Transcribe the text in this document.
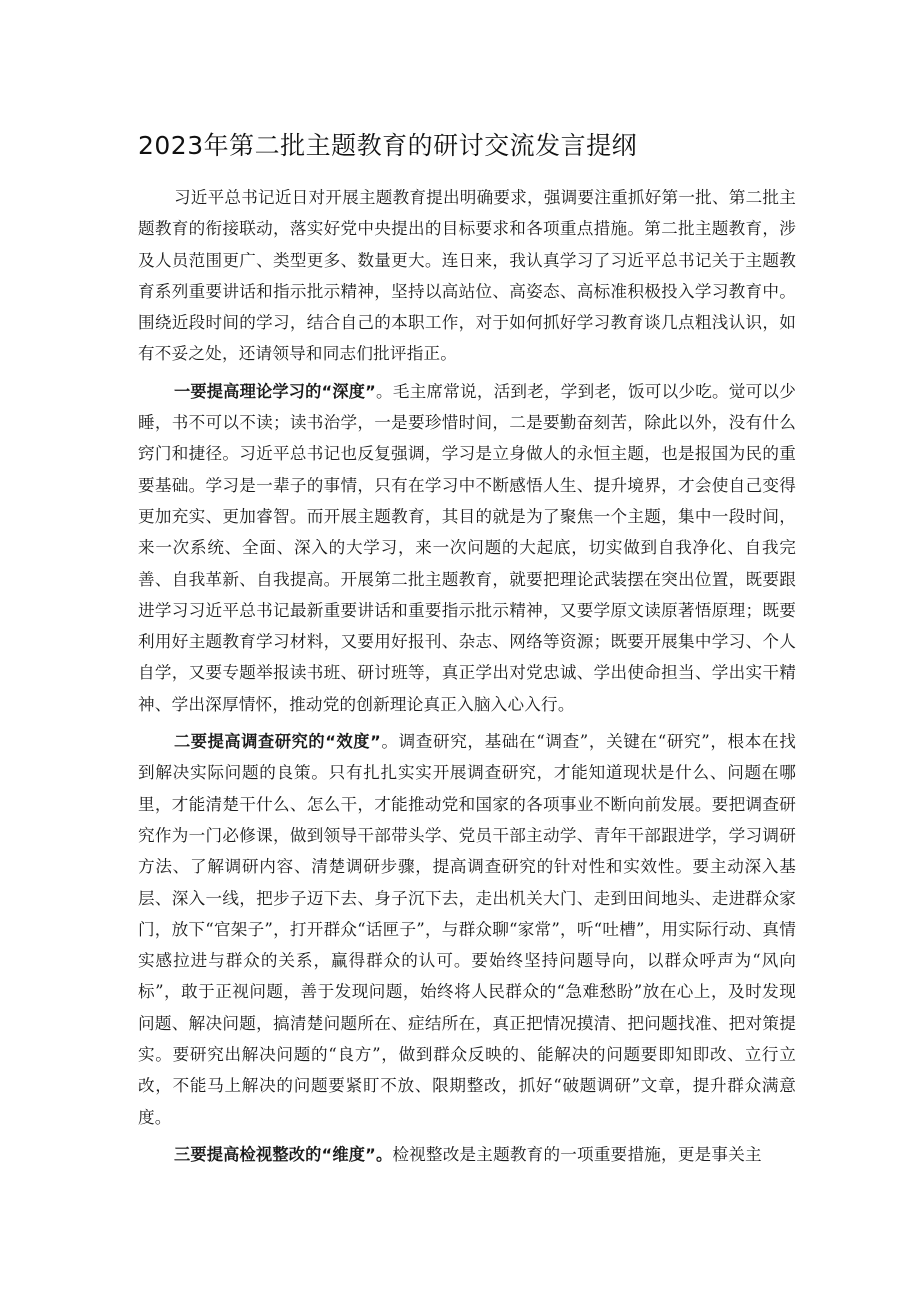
2023年第二批主题教育的研讨交流发言提纲

习近平总书记近日对开展主题教育提出明确要求，强调要注重抓好第一批、第二批主题教育的衔接联动，落实好党中央提出的目标要求和各项重点措施。第二批主题教育，涉及人员范围更广、类型更多、数量更大。连日来，我认真学习了习近平总书记关于主题教育系列重要讲话和指示批示精神，坚持以高站位、高姿态、高标准积极投入学习教育中。围绕近段时间的学习，结合自己的本职工作，对于如何抓好学习教育谈几点粗浅认识，如有不妥之处，还请领导和同志们批评指正。

一要提高理论学习的“深度”。毛主席常说，活到老，学到老，饭可以少吃。觉可以少睡，书不可以不读；读书治学，一是要珍惜时间，二是要勤奋刻苦，除此以外，没有什么窍门和捷径。习近平总书记也反复强调，学习是立身做人的永恒主题，也是报国为民的重要基础。学习是一辈子的事情，只有在学习中不断感悟人生、提升境界，才会使自己变得更加充实、更加睿智。而开展主题教育，其目的就是为了聚焦一个主题，集中一段时间，来一次系统、全面、深入的大学习，来一次问题的大起底，切实做到自我净化、自我完善、自我革新、自我提高。开展第二批主题教育，就要把理论武装摆在突出位置，既要跟进学习习近平总书记最新重要讲话和重要指示批示精神，又要学原文读原著悟原理；既要利用好主题教育学习材料，又要用好报刊、杂志、网络等资源；既要开展集中学习、个人自学，又要专题举报读书班、研讨班等，真正学出对党忠诚、学出使命担当、学出实干精神、学出深厚情怀，推动党的创新理论真正入脑入心入行。

二要提高调查研究的“效度”。调查研究，基础在“调查”，关键在“研究”，根本在找到解决实际问题的良策。只有扎扎实实开展调查研究，才能知道现状是什么、问题在哪里，才能清楚干什么、怎么干，才能推动党和国家的各项事业不断向前发展。要把调查研究作为一门必修课，做到领导干部带头学、党员干部主动学、青年干部跟进学，学习调研方法、了解调研内容、清楚调研步骤，提高调查研究的针对性和实效性。要主动深入基层、深入一线，把步子迈下去、身子沉下去，走出机关大门、走到田间地头、走进群众家门，放下“官架子”，打开群众“话匣子”，与群众聊“家常”，听“吐槽”，用实际行动、真情实感拉进与群众的关系，赢得群众的认可。要始终坚持问题导向，以群众呼声为“风向标”，敢于正视问题，善于发现问题，始终将人民群众的“急难愁盼”放在心上，及时发现问题、解决问题，搞清楚问题所在、症结所在，真正把情况摸清、把问题找准、把对策提实。要研究出解决问题的“良方”，做到群众反映的、能解决的问题要即知即改、立行立改，不能马上解决的问题要紧盯不放、限期整改，抓好“破题调研”文章，提升群众满意度。

三要提高检视整改的“维度”。检视整改是主题教育的一项重要措施，更是事关主
